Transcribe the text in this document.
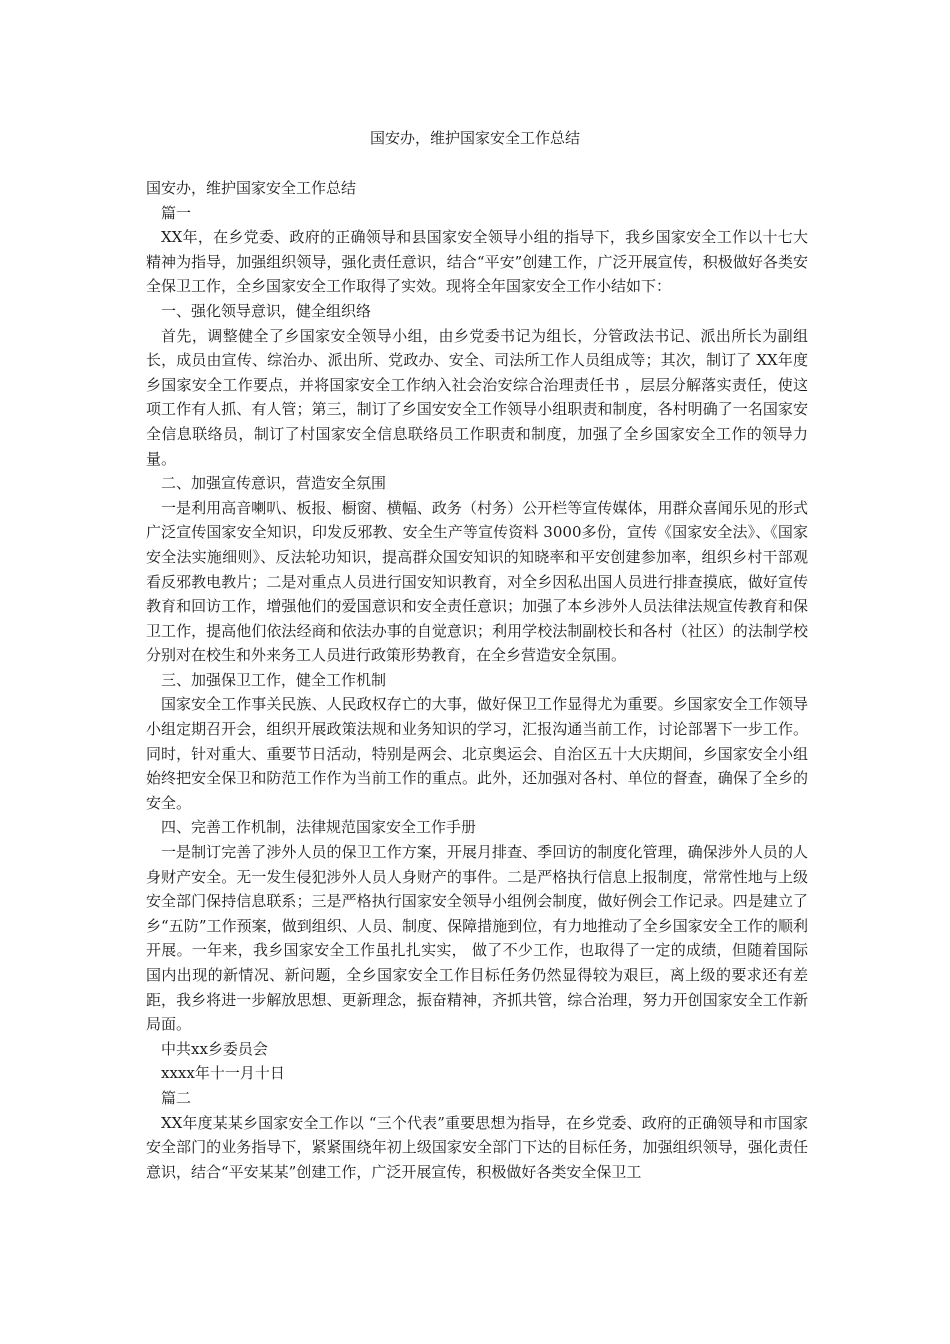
国安办，维护国家安全工作总结

国安办，维护国家安全工作总结

篇一

XX年，在乡党委、政府的正确领导和县国家安全领导小组的指导下，我乡国家安全工作以十七大精神为指导，加强组织领导，强化责任意识，结合“平安”创建工作，广泛开展宣传，积极做好各类安全保卫工作，全乡国家安全工作取得了实效。现将全年国家安全工作小结如下：

一、强化领导意识，健全组织络

首先，调整健全了乡国家安全领导小组，由乡党委书记为组长，分管政法书记、派出所长为副组长，成员由宣传、综治办、派出所、党政办、安全、司法所工作人员组成等；其次，制订了 XX年度乡国家安全工作要点，并将国家安全工作纳入社会治安综合治理责任书 ，层层分解落实责任，使这项工作有人抓、有人管；第三，制订了乡国安安全工作领导小组职责和制度，各村明确了一名国家安全信息联络员，制订了村国家安全信息联络员工作职责和制度，加强了全乡国家安全工作的领导力量。

二、加强宣传意识，营造安全氛围

一是利用高音喇叭、板报、橱窗、横幅、政务（村务）公开栏等宣传媒体，用群众喜闻乐见的形式广泛宣传国家安全知识，印发反邪教、安全生产等宣传资料 3000多份，宣传《国家安全法》、《国家安全法实施细则》、反法轮功知识，提高群众国安知识的知晓率和平安创建参加率，组织乡村干部观看反邪教电教片；二是对重点人员进行国安知识教育，对全乡因私出国人员进行排查摸底，做好宣传教育和回访工作，增强他们的爱国意识和安全责任意识；加强了本乡涉外人员法律法规宣传教育和保卫工作，提高他们依法经商和依法办事的自觉意识；利用学校法制副校长和各村（社区）的法制学校分别对在校生和外来务工人员进行政策形势教育，在全乡营造安全氛围。

三、加强保卫工作，健全工作机制

国家安全工作事关民族、人民政权存亡的大事，做好保卫工作显得尤为重要。乡国家安全工作领导小组定期召开会，组织开展政策法规和业务知识的学习，汇报沟通当前工作，讨论部署下一步工作。 同时，针对重大、重要节日活动，特别是两会、北京奥运会、自治区五十大庆期间，乡国家安全小组始终把安全保卫和防范工作作为当前工作的重点。此外，还加强对各村、单位的督查，确保了全乡的安全。

四、完善工作机制，法律规范国家安全工作手册

一是制订完善了涉外人员的保卫工作方案，开展月排查、季回访的制度化管理，确保涉外人员的人身财产安全。无一发生侵犯涉外人员人身财产的事件。二是严格执行信息上报制度，常常性地与上级安全部门保持信息联系；三是严格执行国家安全领导小组例会制度，做好例会工作记录。四是建立了乡“五防”工作预案，做到组织、人员、制度、保障措施到位，有力地推动了全乡国家安全工作的顺利开展。一年来，我乡国家安全工作虽扎扎实实， 做了不少工作，也取得了一定的成绩，但随着国际国内出现的新情况、新问题，全乡国家安全工作目标任务仍然显得较为艰巨，离上级的要求还有差距，我乡将进一步解放思想、更新理念，振奋精神，齐抓共管，综合治理，努力开创国家安全工作新局面。

中共xx乡委员会

xxxx年十一月十日

篇二

XX年度某某乡国家安全工作以 “三个代表”重要思想为指导，在乡党委、政府的正确领导和市国家安全部门的业务指导下，紧紧围绕年初上级国家安全部门下达的目标任务，加强组织领导，强化责任意识，结合“平安某某”创建工作，广泛开展宣传，积极做好各类安全保卫工
